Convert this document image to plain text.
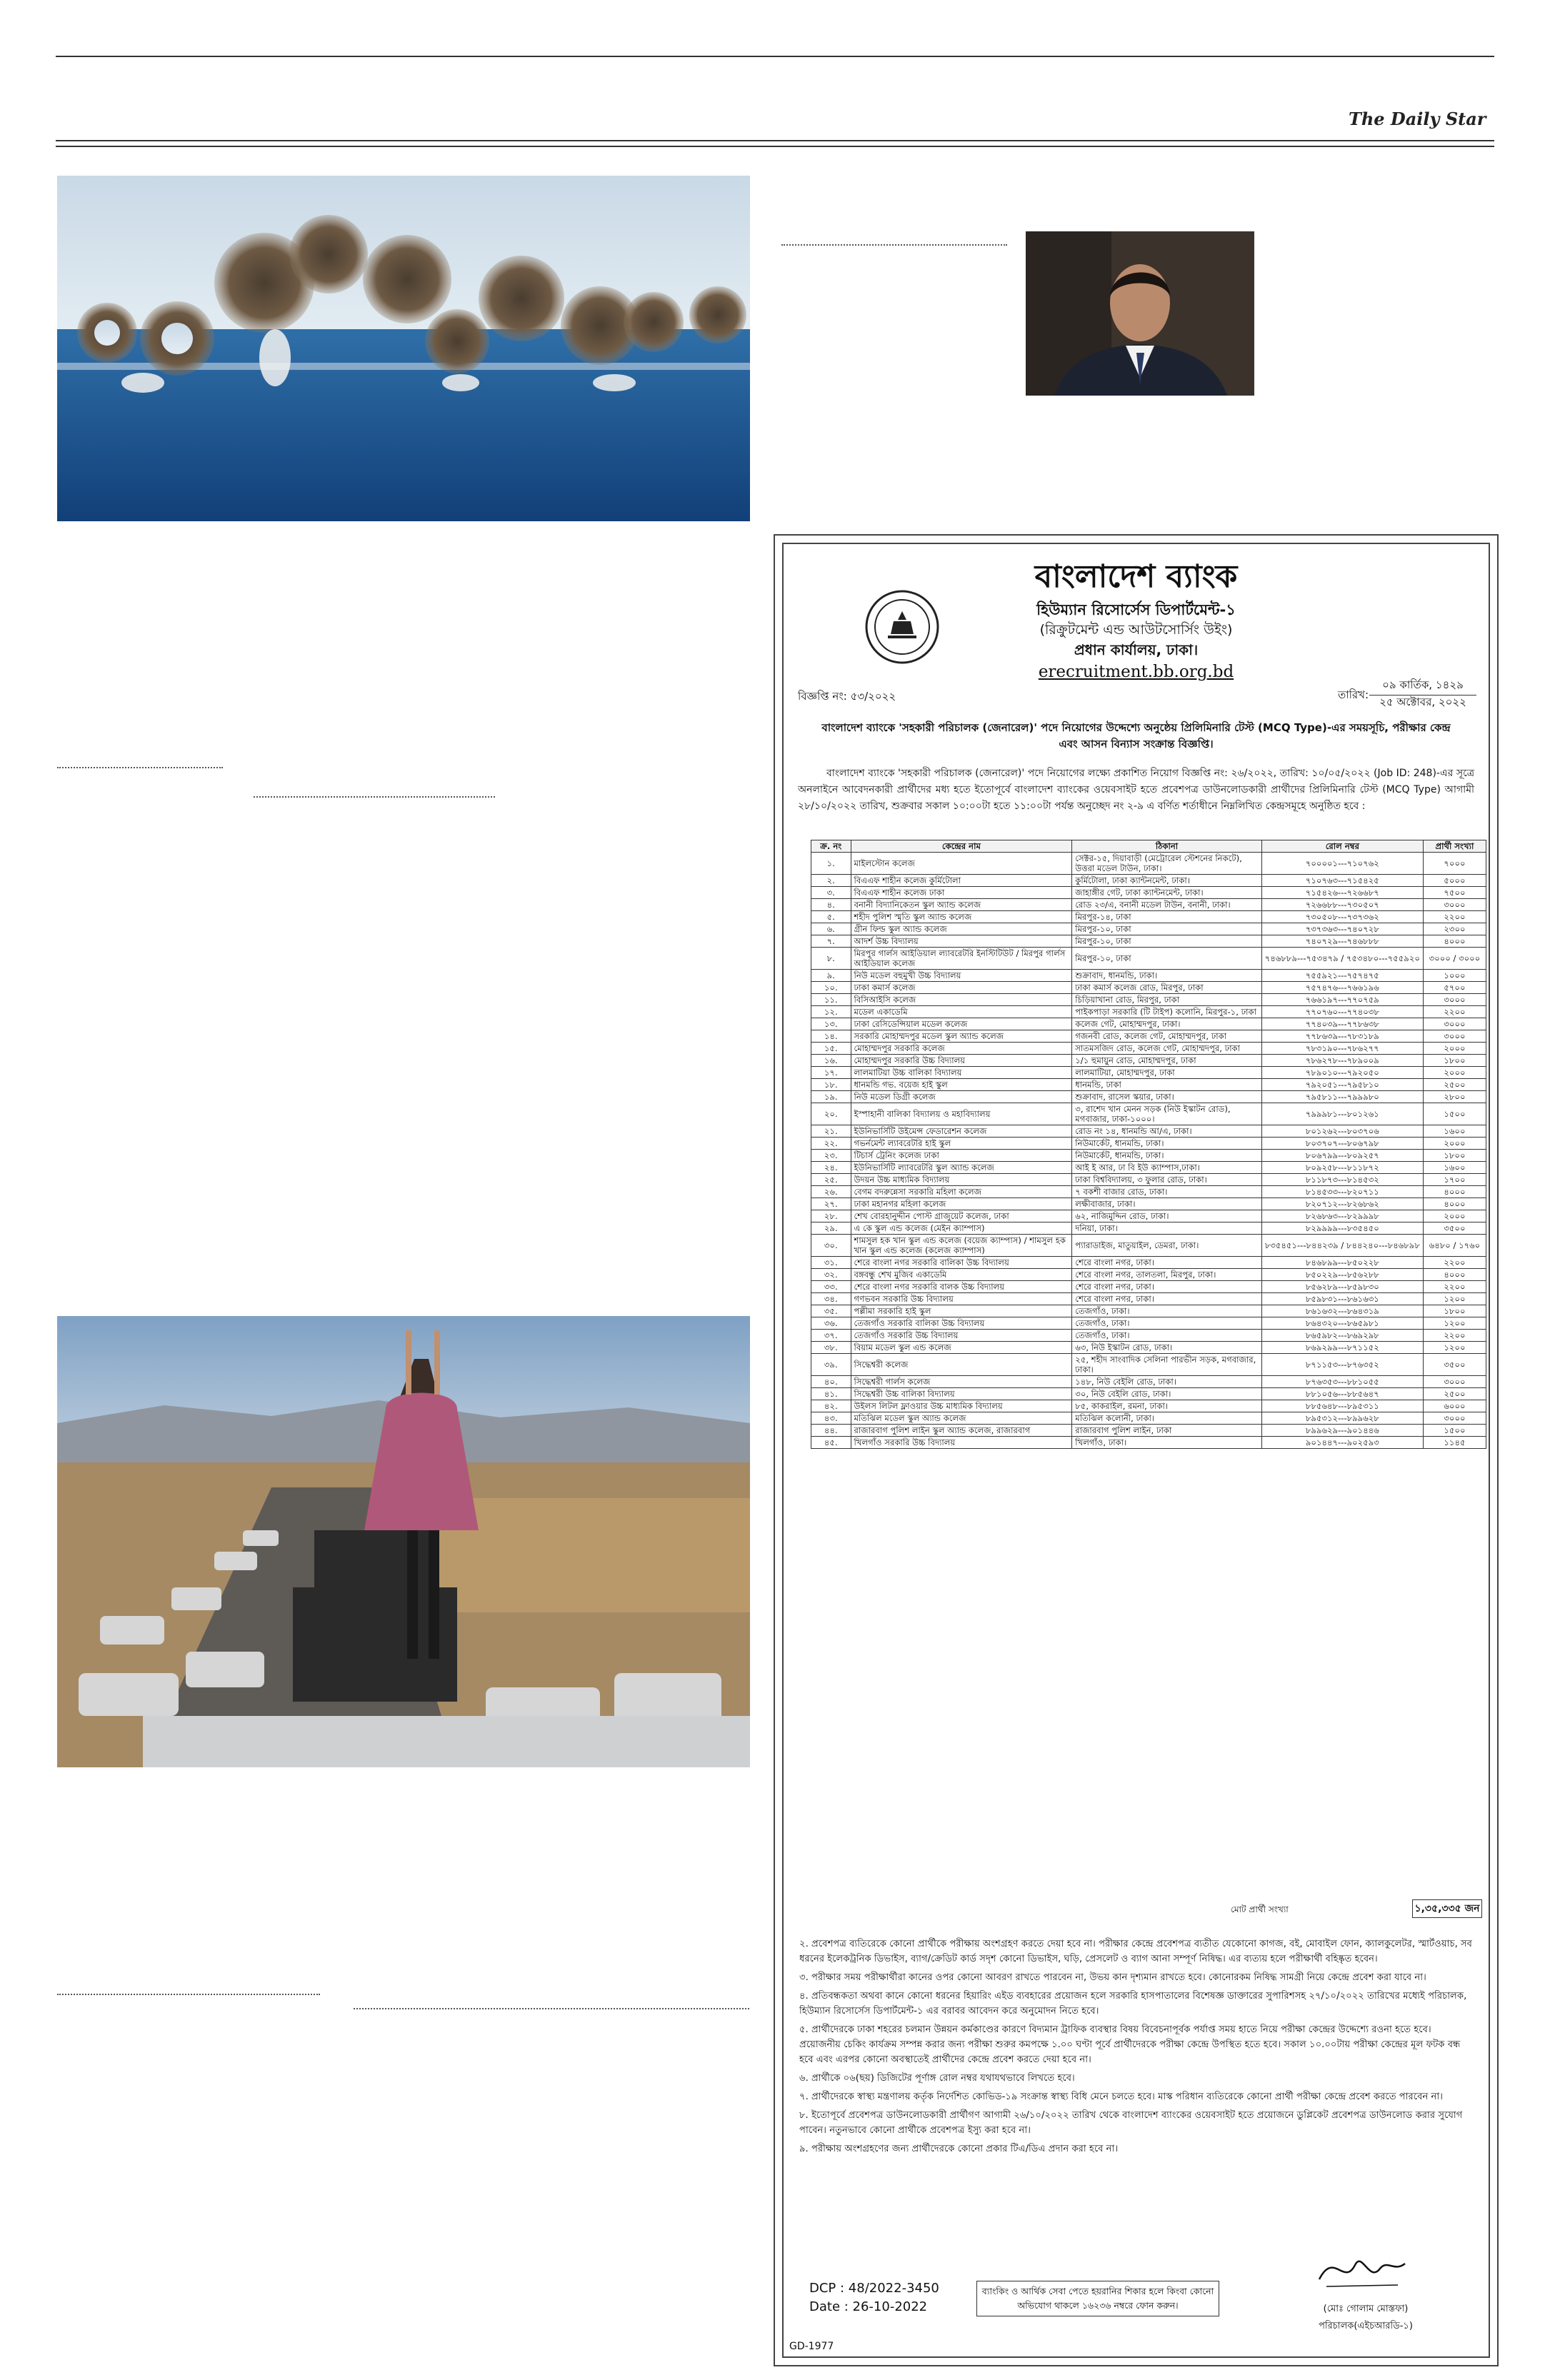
The Daily Star
বাংলাদেশ ব্যাংক
হিউম্যান রিসোর্সেস ডিপার্টমেন্ট-১
(রিক্রুটমেন্ট এন্ড আউটসোর্সিং উইং)
প্রধান কার্যালয়, ঢাকা।
erecruitment.bb.org.bd
বিজ্ঞপ্তি নং: ৫৩/২০২২	তারিখ:
০৯ কার্তিক, ১৪২৯
২৫ অক্টোবর, ২০২২
বাংলাদেশ ব্যাংকে 'সহকারী পরিচালক (জেনারেল)' পদে নিয়োগের উদ্দেশ্যে অনুষ্ঠেয় প্রিলিমিনারি টেস্ট (MCQ Type)-এর সময়সূচি, পরীক্ষার কেন্দ্র এবং আসন বিন্যাস সংক্রান্ত বিজ্ঞপ্তি।
বাংলাদেশ ব্যাংকে 'সহকারী পরিচালক (জেনারেল)' পদে নিয়োগের লক্ষ্যে প্রকাশিত নিয়োগ বিজ্ঞপ্তি নং: ২৬/২০২২, তারিখ: ১০/০৫/২০২২ (Job ID: 248)-এর সূত্রে অনলাইনে আবেদনকারী প্রার্থীদের মধ্য হতে ইতোপূর্বে বাংলাদেশ ব্যাংকের ওয়েবসাইট হতে প্রবেশপত্র ডাউনলোডকারী প্রার্থীদের প্রিলিমিনারি টেস্ট (MCQ Type) আগামী ২৮/১০/২০২২ তারিখ, শুক্রবার সকাল ১০:০০টা হতে ১১:০০টা পর্যন্ত অনুচ্ছেদ নং ২-৯ এ বর্ণিত শর্তাধীনে নিম্নলিখিত কেন্দ্রসমূহে অনুষ্ঠিত হবে :
ক্র. নং	কেন্দ্রের নাম	ঠিকানা	রোল নম্বর	প্রার্থী সংখ্যা
১.	মাইলস্টোন কলেজ	সেক্টর-১৫, দিয়াবাড়ী (মেট্রোরেল স্টেশনের নিকটে), উত্তরা মডেল টাউন, ঢাকা।	৭০০০০১---৭১০৭৬২	৭০০০
২.	বিএএফ শাহীন কলেজ কুর্মিটোলা	কুর্মিটোলা, ঢাকা ক্যান্টনমেন্ট, ঢাকা।	৭১০৭৬৩---৭১৫৪২৫	৫০০০
৩.	বিএএফ শাহীন কলেজ ঢাকা	জাহাঙ্গীর গেট, ঢাকা ক্যান্টনমেন্ট, ঢাকা।	৭১৫৪২৬---৭২৬৬৮৭	৭৫০০
৪.	বনানী বিদ্যানিকেতন স্কুল অ্যান্ড কলেজ	রোড ২৩/এ, বনানী মডেল টাউন, বনানী, ঢাকা।	৭২৬৬৮৮---৭৩০৫০৭	৩০০০
৫.	শহীদ পুলিশ স্মৃতি স্কুল অ্যান্ড কলেজ	মিরপুর-১৪, ঢাকা	৭৩০৫০৮---৭৩৭৩৬২	২২০০
৬.	গ্রীন ফিল্ড স্কুল অ্যান্ড কলেজ	মিরপুর-১০, ঢাকা	৭৩৭৩৬৩---৭৪০৭২৮	২৩০০
৭.	আদর্শ উচ্চ বিদ্যালয়	মিরপুর-১০, ঢাকা	৭৪০৭২৯---৭৪৬৮৮৮	৪০০০
৮.	মিরপুর গার্লস আইডিয়াল ল্যাবরেটরি ইনস্টিটিউট / মিরপুর গার্লস আইডিয়াল কলেজ	মিরপুর-১০, ঢাকা	৭৪৬৮৮৯---৭৫৩৪৭৯ / ৭৫৩৪৮০---৭৫৫৯২০	৩০০০ / ৩০০০
৯.	নিউ মডেল বহুমুখী উচ্চ বিদ্যালয়	শুক্রাবাদ, ধানমন্ডি, ঢাকা।	৭৫৫৯২১---৭৫৭৪৭৫	১০০০
১০.	ঢাকা কমার্স কলেজ	ঢাকা কমার্স কলেজ রোড, মিরপুর, ঢাকা	৭৫৭৪৭৬---৭৬৬১৯৬	৫৭০০
১১.	বিসিআইসি কলেজ	চিড়িয়াখানা রোড, মিরপুর, ঢাকা	৭৬৬১৯৭---৭৭০৭৫৯	৩০০০
১২.	মডেল একাডেমি	পাইকপাড়া সরকারি (টি টাইপ) কলোনি, মিরপুর-১, ঢাকা	৭৭০৭৬০---৭৭৪০৩৮	২২০০
১৩.	ঢাকা রেসিডেন্সিয়াল মডেল কলেজ	কলেজ গেট, মোহাম্মদপুর, ঢাকা।	৭৭৪০৩৯---৭৭৮৬৩৮	৩০০০
১৪.	সরকারি মোহাম্মদপুর মডেল স্কুল অ্যান্ড কলেজ	গজনবী রোড, কলেজ গেট, মোহাম্মদপুর, ঢাকা	৭৭৮৬৩৯---৭৮৩১৮৯	৩০০০
১৫.	মোহাম্মদপুর সরকারি কলেজ	সাতমসজিদ রোড, কলেজ গেট, মোহাম্মদপুর, ঢাকা	৭৮৩১৯০---৭৮৬২৭৭	২০০০
১৬.	মোহাম্মদপুর সরকারি উচ্চ বিদ্যালয়	১/১ হুমায়ুন রোড, মোহাম্মদপুর, ঢাকা	৭৮৬২৭৮---৭৮৯০০৯	১৮০০
১৭.	লালমাটিয়া উচ্চ বালিকা বিদ্যালয়	লালমাটিয়া, মোহাম্মদপুর, ঢাকা	৭৮৯০১০---৭৯২০৫০	২০০০
১৮.	ধানমন্ডি গভ. বয়েজ হাই স্কুল	ধানমন্ডি, ঢাকা	৭৯২০৫১---৭৯৫৮১০	২৫০০
১৯.	নিউ মডেল ডিগ্রী কলেজ	শুক্রাবাদ, রাসেল স্কয়ার, ঢাকা।	৭৯৫৮১১---৭৯৯৯৮০	২৮০০
২০.	ইস্পাহানী বালিকা বিদ্যালয় ও মহাবিদ্যালয়	৩, রাশেদ খান মেনন সড়ক (নিউ ইস্কাটন রোড), মগবাজার, ঢাকা-১০০০।	৭৯৯৯৮১---৮০১২৬১	১৫০০
২১.	ইউনিভার্সিটি উইমেন্স ফেডারেশন কলেজ	রোড নং ১৪, ধানমন্ডি আ/এ, ঢাকা।	৮০১২৬২---৮০৩৭০৬	১৬০০
২২.	গভর্নমেন্ট ল্যাবরেটরি হাই স্কুল	নিউমার্কেট, ধানমন্ডি, ঢাকা।	৮০৩৭০৭---৮০৬৭৯৮	২০০০
২৩.	টিচার্স ট্রেনিং কলেজ ঢাকা	নিউমার্কেট, ধানমন্ডি, ঢাকা।	৮০৬৭৯৯---৮০৯২৫৭	১৮০০
২৪.	ইউনিভার্সিটি ল্যাবরেটরি স্কুল অ্যান্ড কলেজ	আই ই আর, ঢা বি ইউ ক্যাম্পাস,ঢাকা।	৮০৯২৫৮---৮১১৮৭২	১৬০০
২৫.	উদয়ন উচ্চ মাধ্যমিক বিদ্যালয়	ঢাকা বিশ্ববিদ্যালয়, ৩ ফুলার রোড, ঢাকা।	৮১১৮৭৩---৮১৪৫৩২	১৭০০
২৬.	বেগম বদরুন্নেসা সরকারি মহিলা কলেজ	৭ বকশী বাজার রোড, ঢাকা।	৮১৪৫৩৩---৮২০৭১১	৪০০০
২৭.	ঢাকা মহানগর মহিলা কলেজ	লক্ষীবাজার, ঢাকা।	৮২০৭১২---৮২৬৮৬২	৪০০০
২৮.	শেখ বোরহানুদ্দীন পোস্ট গ্রাজুয়েট কলেজ, ঢাকা	৬২, নাজিমুদ্দিন রোড, ঢাকা।	৮২৬৮৬৩---৮২৯৯৯৮	২০০০
২৯.	এ কে স্কুল এন্ড কলেজ (মেইন ক্যাম্পাস)	দনিয়া, ঢাকা।	৮২৯৯৯৯---৮৩৫৪৫০	৩৫০০
৩০.	শামসুল হক খান স্কুল এন্ড কলেজ (বয়েজ ক্যাম্পাস) / শামসুল হক খান স্কুল এন্ড কলেজ (কলেজ ক্যাম্পাস)	প্যারাডাইজ, মাতুয়াইল, ডেমরা, ঢাকা।	৮৩৫৪৫১---৮৪৪২৩৯ / ৮৪৪২৪০---৮৪৬৮৯৮	৬৪৮০ / ১৭৬০
৩১.	শেরে বাংলা নগর সরকারি বালিকা উচ্চ বিদ্যালয়	শেরে বাংলা নগর, ঢাকা।	৮৪৬৮৯৯---৮৫০২২৮	২২০০
৩২.	বঙ্গবন্ধু শেখ মুজিব একাডেমি	শেরে বাংলা নগর, তালতলা, মিরপুর, ঢাকা।	৮৫০২২৯---৮৫৬২৮৮	৪০০০
৩৩.	শেরে বাংলা নগর সরকারি বালক উচ্চ বিদ্যালয়	শেরে বাংলা নগর, ঢাকা।	৮৫৬২৮৯---৮৫৯৮৩০	২২০০
৩৪.	গণভবন সরকারি উচ্চ বিদ্যালয়	শেরে বাংলা নগর, ঢাকা।	৮৫৯৮৩১---৮৬১৬৩১	১২০০
৩৫.	পল্লীমা সরকারি হাই স্কুল	তেজগাঁও, ঢাকা।	৮৬১৬৩২---৮৬৪৩১৯	১৮০০
৩৬.	তেজগাঁও সরকারি বালিকা উচ্চ বিদ্যালয়	তেজগাঁও, ঢাকা।	৮৬৪৩২০---৮৬৫৯৮১	১২০০
৩৭.	তেজগাঁও সরকারি উচ্চ বিদ্যালয়	তেজগাঁও, ঢাকা।	৮৬৫৯৮২---৮৬৯২৯৮	২২০০
৩৮.	বিয়াম মডেল স্কুল এন্ড কলেজ	৬৩, নিউ ইস্কাটন রোড, ঢাকা।	৮৬৯২৯৯---৮৭১১৫২	১২০০
৩৯.	সিদ্ধেশ্বরী কলেজ	২৫, শহীদ সাংবাদিক সেলিনা পারভীন সড়ক, মগবাজার, ঢাকা।	৮৭১১৫৩---৮৭৬৩৫২	৩৫০০
৪০.	সিদ্ধেশ্বরী গার্লস কলেজ	১৪৮, নিউ বেইলি রোড, ঢাকা।	৮৭৬৩৫৩---৮৮১০৫৫	৩০০০
৪১.	সিদ্ধেশ্বরী উচ্চ বালিকা বিদ্যালয়	৩০, নিউ বেইলি রোড, ঢাকা।	৮৮১০৫৬---৮৮৫৬৪৭	২৫০০
৪২.	উইলস লিটল ফ্লাওয়ার উচ্চ মাধ্যমিক বিদ্যালয়	৮৫, কাকরাইল, রমনা, ঢাকা।	৮৮৫৬৪৮---৮৯৫৩১১	৬০০০
৪৩.	মতিঝিল মডেল স্কুল অ্যান্ড কলেজ	মতিঝিল কলোনী, ঢাকা।	৮৯৫৩১২---৮৯৯৬২৮	৩০০০
৪৪.	রাজারবাগ পুলিশ লাইন স্কুল অ্যান্ড কলেজ, রাজারবাগ	রাজারবাগ পুলিশ লাইন, ঢাকা	৮৯৯৬২৯---৯০১৪৪৬	১৫০০
৪৫.	খিলগাঁও সরকারি উচ্চ বিদ্যালয়	খিলগাঁও, ঢাকা।	৯০১৪৪৭---৯০২৫৯৩	১১৪৫
মোট প্রার্থী সংখ্যা	১,৩৫,৩৩৫ জন

২. প্রবেশপত্র ব্যতিরেকে কোনো প্রার্থীকে পরীক্ষায় অংশগ্রহণ করতে দেয়া হবে না। পরীক্ষার কেন্দ্রে প্রবেশপত্র ব্যতীত যেকোনো কাগজ, বই, মোবাইল ফোন, ক্যালকুলেটর, স্মার্টওয়াচ, সব ধরনের ইলেকট্রনিক ডিভাইস, ব্যাগ/ক্রেডিট কার্ড সদৃশ কোনো ডিভাইস, ঘড়ি, প্রেসলেট ও ব্যাগ আনা সম্পূর্ণ নিষিদ্ধ। এর ব্যত্যয় হলে পরীক্ষার্থী বহিষ্কৃত হবেন।

৩. পরীক্ষার সময় পরীক্ষার্থীরা কানের ওপর কোনো আবরণ রাখতে পারবেন না, উভয় কান দৃশ্যমান রাখতে হবে। কোনোরকম নিষিদ্ধ সামগ্রী নিয়ে কেন্দ্রে প্রবেশ করা যাবে না।

৪. প্রতিবন্ধকতা অথবা কানে কোনো ধরনের হিয়ারিং এইড ব্যবহারের প্রয়োজন হলে সরকারি হাসপাতালের বিশেষজ্ঞ ডাক্তারের সুপারিশসহ ২৭/১০/২০২২ তারিখের মধ্যেই পরিচালক, হিউম্যান রিসোর্সেস ডিপার্টমেন্ট-১ এর বরাবর আবেদন করে অনুমোদন নিতে হবে।

৫. প্রার্থীদেরকে ঢাকা শহরের চলমান উন্নয়ন কর্মকাণ্ডের কারণে বিদ্যমান ট্রাফিক ব্যবস্থার বিষয় বিবেচনাপূর্বক পর্যাপ্ত সময় হাতে নিয়ে পরীক্ষা কেন্দ্রের উদ্দেশ্যে রওনা হতে হবে। প্রয়োজনীয় চেকিং কার্যক্রম সম্পন্ন করার জন্য পরীক্ষা শুরুর কমপক্ষে ১.০০ ঘণ্টা পূর্বে প্রার্থীদেরকে পরীক্ষা কেন্দ্রে উপস্থিত হতে হবে। সকাল ১০.০০টায় পরীক্ষা কেন্দ্রের মূল ফটক বন্ধ হবে এবং এরপর কোনো অবস্থাতেই প্রার্থীদের কেন্দ্রে প্রবেশ করতে দেয়া হবে না।

৬. প্রার্থীকে ০৬(ছয়) ডিজিটের পূর্ণাঙ্গ রোল নম্বর যথাযথভাবে লিখতে হবে।

৭. প্রার্থীদেরকে স্বাস্থ্য মন্ত্রণালয় কর্তৃক নির্দেশিত কোভিড-১৯ সংক্রান্ত স্বাস্থ্য বিধি মেনে চলতে হবে। মাস্ক পরিধান ব্যতিরেকে কোনো প্রার্থী পরীক্ষা কেন্দ্রে প্রবেশ করতে পারবেন না।

৮. ইতোপূর্বে প্রবেশপত্র ডাউনলোডকারী প্রার্থীগণ আগামী ২৬/১০/২০২২ তারিখ থেকে বাংলাদেশ ব্যাংকের ওয়েবসাইট হতে প্রয়োজনে ডুপ্লিকেট প্রবেশপত্র ডাউনলোড করার সুযোগ পাবেন। নতুনভাবে কোনো প্রার্থীকে প্রবেশপত্র ইস্যু করা হবে না।

৯. পরীক্ষায় অংশগ্রহণের জন্য প্রার্থীদেরকে কোনো প্রকার টিএ/ডিএ প্রদান করা হবে না।

DCP : 48/2022-3450
Date : 26-10-2022
ব্যাংকিং ও আর্থিক সেবা পেতে হয়রানির শিকার হলে কিংবা কোনো অভিযোগ থাকলে ১৬২৩৬ নম্বরে ফোন করুন।	(মোঃ গোলাম মোস্তফা)
পরিচালক(এইচআরডি-১)
GD-1977
